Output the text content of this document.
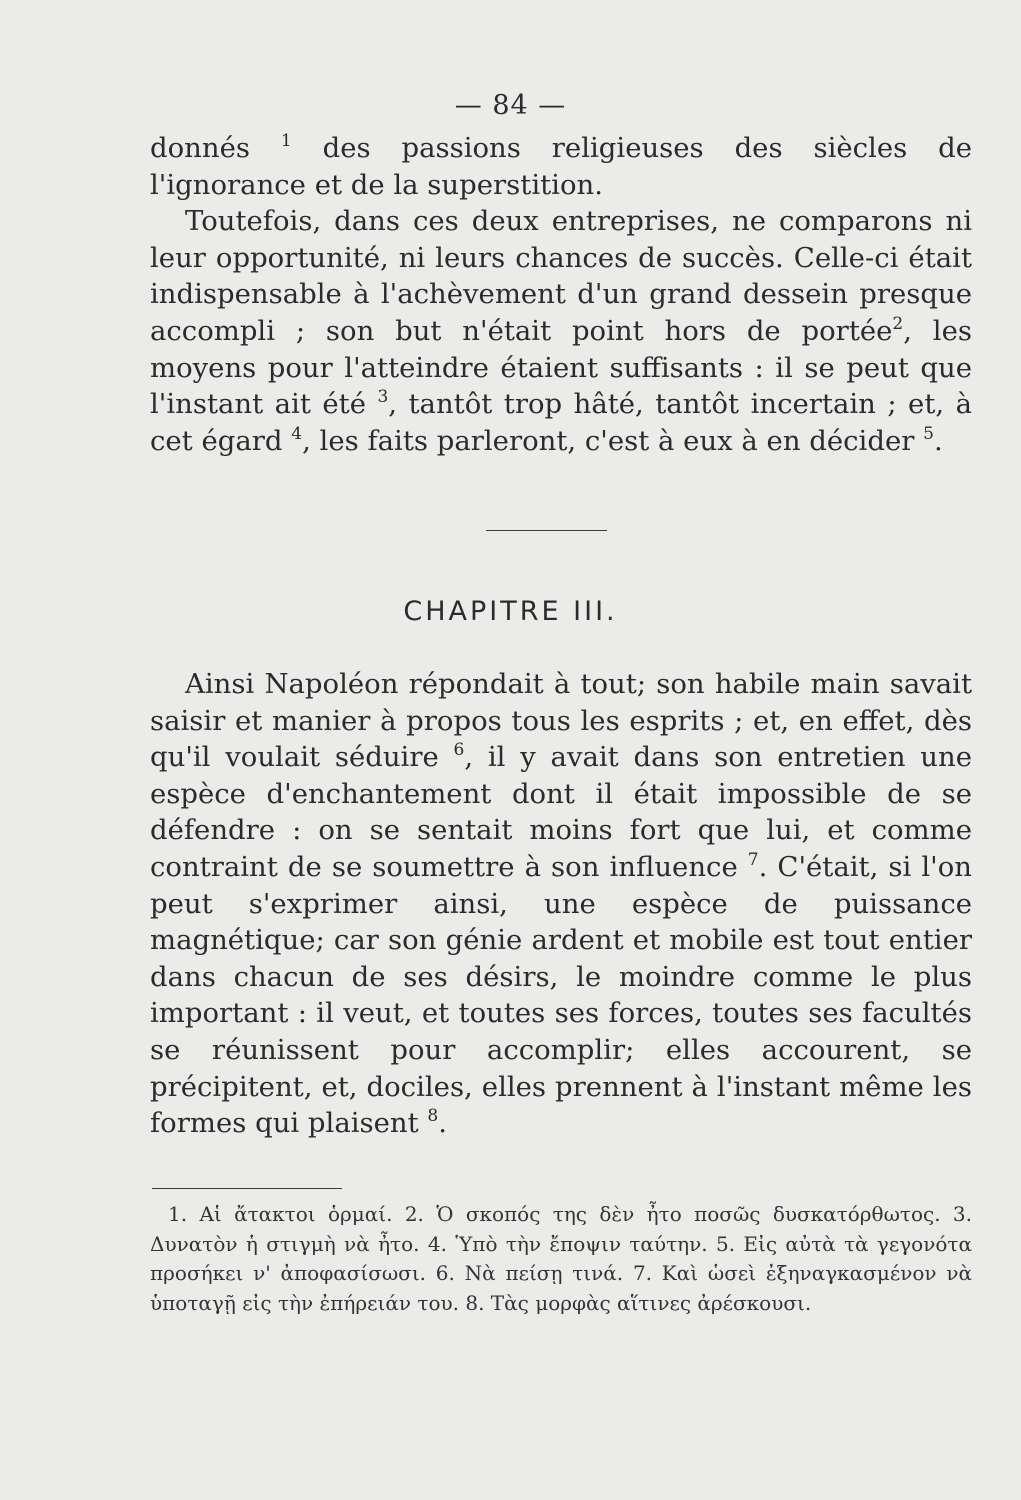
— 84 —

donnés $^1$ des passions religieuses des siècles de l'ignorance et de la superstition.

Toutefois, dans ces deux entreprises, ne comparons ni leur opportunité, ni leurs chances de succès. Celle-ci était indispensable à l'achèvement d'un grand dessein presque accompli ; son but n'était point hors de portée$^2$, les moyens pour l'atteindre étaient suffisants : il se peut que l'instant ait été $^3$, tantôt trop hâté, tantôt incertain ; et, à cet égard $^4$, les faits parleront, c'est à eux à en décider $^5$.

CHAPITRE III.

Ainsi Napoléon répondait à tout; son habile main savait saisir et manier à propos tous les esprits ; et, en effet, dès qu'il voulait séduire $^6$, il y avait dans son entretien une espèce d'enchantement dont il était impossible de se défendre : on se sentait moins fort que lui, et comme contraint de se soumettre à son influence $^7$. C'était, si l'on peut s'exprimer ainsi, une espèce de puissance magnétique; car son génie ardent et mobile est tout entier dans chacun de ses désirs, le moindre comme le plus important : il veut, et toutes ses forces, toutes ses facultés se réunissent pour accomplir; elles accourent, se précipitent, et, dociles, elles prennent à l'instant même les formes qui plaisent $^8$.

1. Αἱ ἄτακτοι ὁρμαί. 2. Ὁ σκοπός της δὲν ἦτο ποσῶς δυσκατόρθωτος. 3. Δυνατὸν ἡ στιγμὴ νὰ ἦτο. 4. Ὑπὸ τὴν ἔποψιν ταύτην. 5. Εἰς αὐτὰ τὰ γεγονότα προσήκει ν' ἀποφασίσωσι. 6. Νὰ πείσῃ τινά. 7. Καὶ ὡσεὶ ἐξηναγκασμένον νὰ ὑποταγῇ εἰς τὴν ἐπήρειάν του. 8. Τὰς μορφὰς αἵτινες ἀρέσκουσι.
